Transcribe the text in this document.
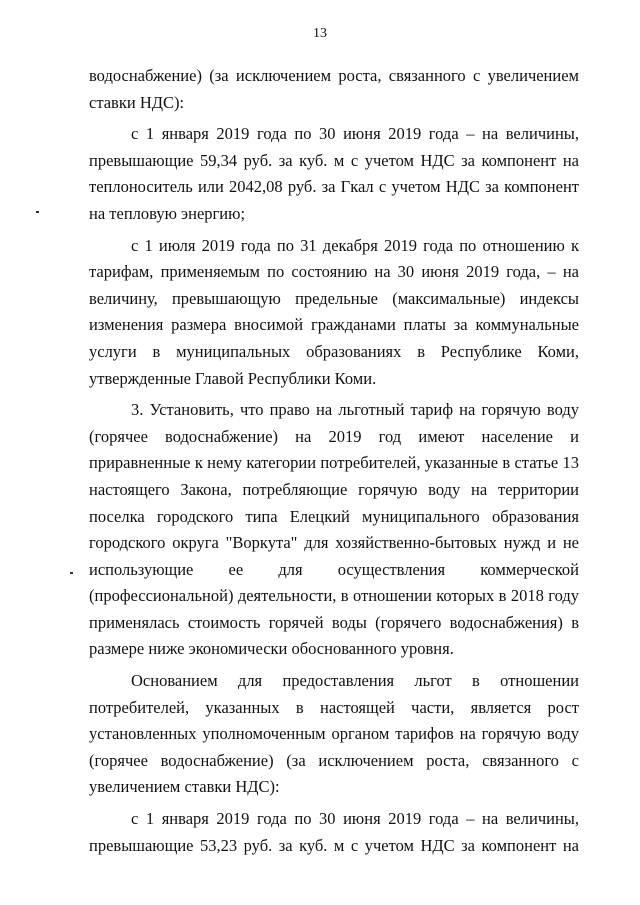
13

водоснабжение) (за исключением роста, связанного с увеличением ставки НДС):

с 1 января 2019 года по 30 июня 2019 года – на величины, превышающие 59,34 руб. за куб. м с учетом НДС за компонент на теплоноситель или 2042,08 руб. за Гкал с учетом НДС за компонент на тепловую энергию;

с 1 июля 2019 года по 31 декабря 2019 года по отношению к тарифам, применяемым по состоянию на 30 июня 2019 года, – на величину, превышающую предельные (максимальные) индексы изменения размера вносимой гражданами платы за коммунальные услуги в муниципальных образованиях в Республике Коми, утвержденные Главой Республики Коми.

3. Установить, что право на льготный тариф на горячую воду (горячее водоснабжение) на 2019 год имеют население и приравненные к нему категории потребителей, указанные в статье 13 настоящего Закона, потребляющие горячую воду на территории поселка городского типа Елецкий муниципального образования городского округа "Воркута" для хозяйственно-бытовых нужд и не использующие ее для осуществления коммерческой (профессиональной) деятельности, в отношении которых в 2018 году применялась стоимость горячей воды (горячего водоснабжения) в размере ниже экономически обоснованного уровня.

Основанием для предоставления льгот в отношении потребителей, указанных в настоящей части, является рост установленных уполномоченным органом тарифов на горячую воду (горячее водоснабжение) (за исключением роста, связанного с увеличением ставки НДС):

с 1 января 2019 года по 30 июня 2019 года – на величины, превышающие 53,23 руб. за куб. м с учетом НДС за компонент на
